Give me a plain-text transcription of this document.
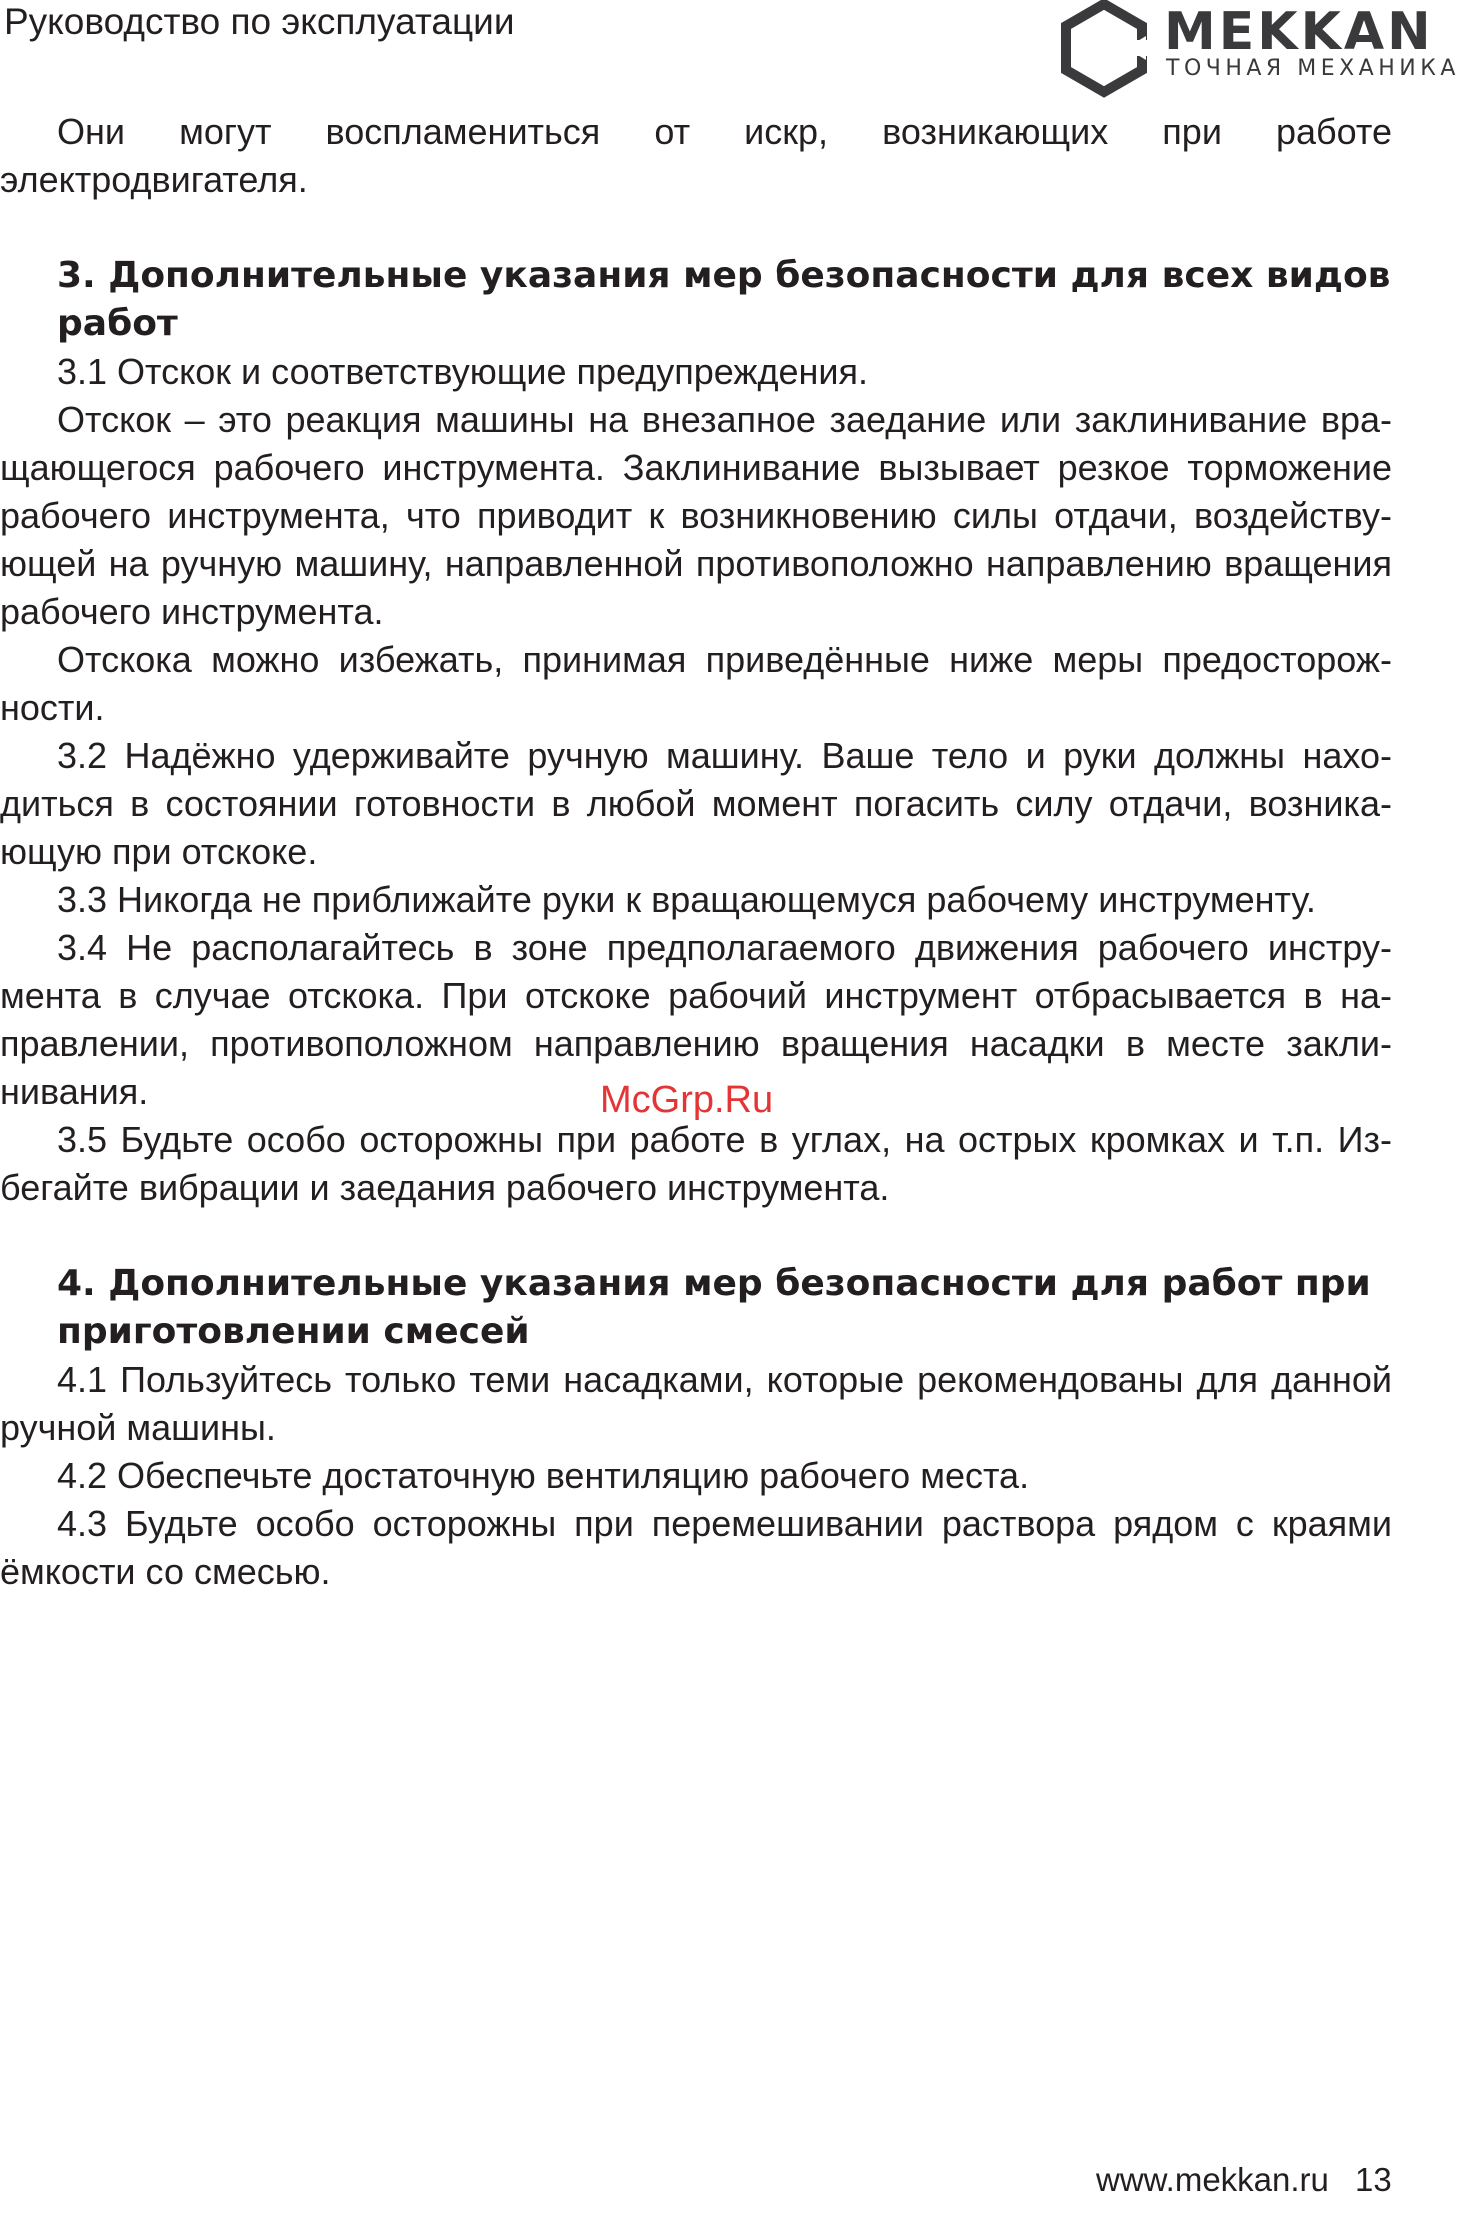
Руководство по эксплуатации	MEKKAN
ТОЧНАЯ МЕХАНИКА

Они могут воспламениться от искр, возникающих при работе электродвигателя.

3. Дополнительные указания мер безопасности для всех видов работ

3.1 Отскок и соответствующие предупреждения.

Отскок – это реакция машины на внезапное заедание или заклинивание вращающегося рабочего инструмента. Заклинивание вызывает резкое торможение рабочего инструмента, что приводит к возникновению силы отдачи, воздействующей на ручную машину, направленной противоположно направлению вращения рабочего инструмента.

Отскока можно избежать, принимая приведённые ниже меры предосторожности.

3.2 Надёжно удерживайте ручную машину. Ваше тело и руки должны находиться в состоянии готовности в любой момент погасить силу отдачи, возникающую при отскоке.

3.3 Никогда не приближайте руки к вращающемуся рабочему инструменту.

3.4 Не располагайтесь в зоне предполагаемого движения рабочего инструмента в случае отскока. При отскоке рабочий инструмент отбрасывается в направлении, противоположном направлению вращения насадки в месте заклинивания.

3.5 Будьте особо осторожны при работе в углах, на острых кромках и т.п. Избегайте вибрации и заедания рабочего инструмента.

4. Дополнительные указания мер безопасности для работ при приготовлении смесей

4.1 Пользуйтесь только теми насадками, которые рекомендованы для данной ручной машины.

4.2 Обеспечьте достаточную вентиляцию рабочего места.

4.3 Будьте особо осторожны при перемешивании раствора рядом с краями ёмкости со смесью.

McGrp.Ru
www.mekkan.ru 13
